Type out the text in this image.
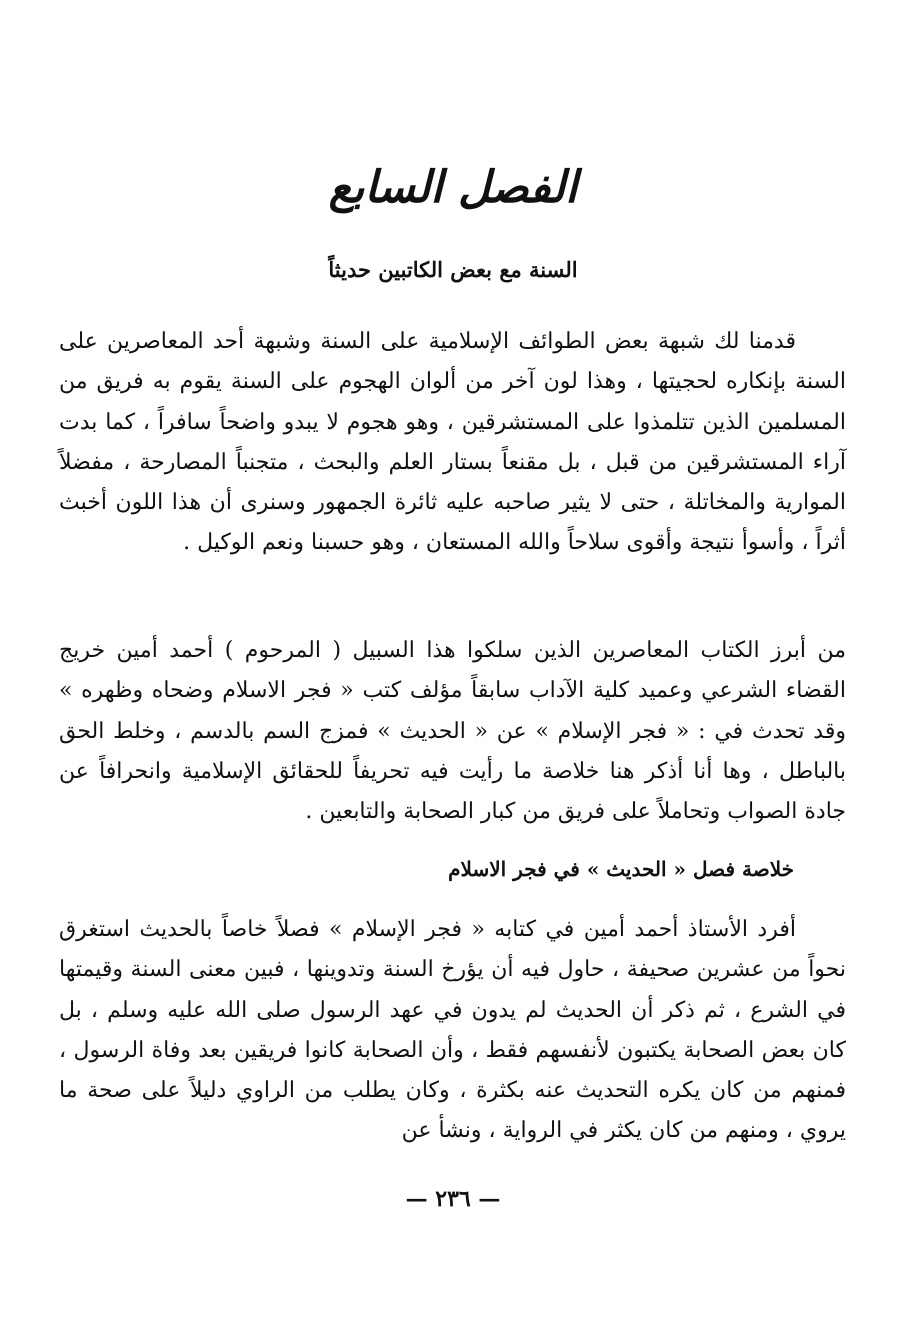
الفصل السابع
السنة مع بعض الكاتبين حديثاً

قدمنا لك شبهة بعض الطوائف الإسلامية على السنة وشبهة أحد المعاصرين على السنة بإنكاره لحجيتها ، وهذا لون آخر من ألوان الهجوم على السنة يقوم به فريق من المسلمين الذين تتلمذوا على المستشرقين ، وهو هجوم لا يبدو واضحاً سافراً ، كما بدت آراء المستشرقين من قبل ، بل مقنعاً بستار العلم والبحث ، متجنباً المصارحة ، مفضلاً الموارية والمخاتلة ، حتى لا يثير صاحبه عليه ثائرة الجمهور وسنرى أن هذا اللون أخبث أثراً ، وأسوأ نتيجة وأقوى سلاحاً والله المستعان ، وهو حسبنا ونعم الوكيل .

من أبرز الكتاب المعاصرين الذين سلكوا هذا السبيل ( المرحوم ) أحمد أمين خريج القضاء الشرعي وعميد كلية الآداب سابقاً مؤلف كتب « فجر الاسلام وضحاه وظهره » وقد تحدث في : « فجر الإسلام » عن « الحديث » فمزج السم بالدسم ، وخلط الحق بالباطل ، وها أنا أذكر هنا خلاصة ما رأيت فيه تحريفاً للحقائق الإسلامية وانحرافاً عن جادة الصواب وتحاملاً على فريق من كبار الصحابة والتابعين .

خلاصة فصل « الحديث » في فجر الاسلام

أفرد الأستاذ أحمد أمين في كتابه « فجر الإسلام » فصلاً خاصاً بالحديث استغرق نحواً من عشرين صحيفة ، حاول فيه أن يؤرخ السنة وتدوينها ، فبين معنى السنة وقيمتها في الشرع ، ثم ذكر أن الحديث لم يدون في عهد الرسول صلى الله عليه وسلم ، بل كان بعض الصحابة يكتبون لأنفسهم فقط ، وأن الصحابة كانوا فريقين بعد وفاة الرسول ، فمنهم من كان يكره التحديث عنه بكثرة ، وكان يطلب من الراوي دليلاً على صحة ما يروي ، ومنهم من كان يكثر في الرواية ، ونشأ عن

— ٢٣٦ —
